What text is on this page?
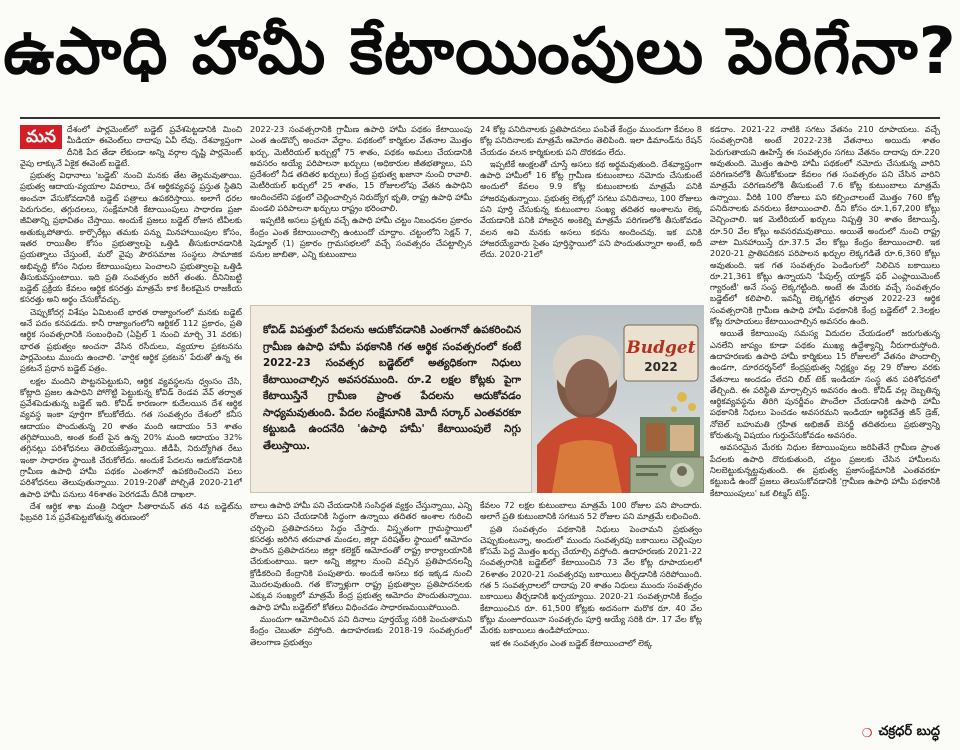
ఉపాధి హామీ కేటాయింపులు పెరిగేనా?

మన	దేశంలో పార్లమెంట్‌లో బడ్జెట్‌ ప్రవేశపెట్టడానికి మించి మీడియా ఈవెంట్‌లు దాదాపు ఏవీ లేవు. దేశవ్యాప్తంగా దీనికి పేద తేడా లేకుండా అన్ని వర్గాల దృష్టి పార్లమెంట్‌ వైపు లాక్కునే ఏకైక ఈవెంట్‌ బడ్జెటే.

ప్రభుత్వ విధానాలు 'బడ్జెట్‌' నుంచి మనకు తేట తెల్లమవుతాయి. ప్రభుత్వ ఆదాయ-వ్యయాల వివరాలు, దేశ ఆర్థికవ్యవస్థ ప్రస్తుత స్థితిని అంచనా వేసుకోవడానికి బడ్జెట్‌ పత్రాలు ఉపకరిస్తాయి. అలాగే ధరల పెరుగుదల, తగ్గుదలలు, సంక్షేమానికి కేటాయింపులు సాధారణ ప్రజా జీవితాన్ని ప్రభావితం చేస్తాయి. అందుకే ప్రజలు బడ్జెట్‌ రోజున టీవీలకు అతుక్కుపోతారు. కార్పొరేట్లు తమకు పన్ను మినహాయింపుల కోసం, ఇతర రాయితీల కోసం ప్రభుత్వాలపై ఒత్తిడి తీసుకురావడానికి ప్రయత్నాలు చేస్తుంటే, మరో వైపు పౌరసమాజ సంస్థలు సామాజిక అభివృద్ధి కోసం నిధుల కేటాయింపులు పెంచాలని ప్రభుత్వాలపై ఒత్తిడి తీసుకువస్తుంటాయి. ఇది ప్రతి సంవత్సరం జరిగే తంతు. దీనినిబట్టి బడ్జెట్‌ ప్రక్రియ కేవలం ఆర్థిక కసరత్తు మాత్రమే కాక కీలకమైన రాజకీయ కసరత్తు అని అర్థం చేసుకోవచ్చు.

చెప్పుకోదగ్గ విశేషం ఏమిటంటే భారత రాజ్యాంగంలో మనకు బడ్జెట్‌ అనే పదం కనపడదు. కానీ రాజ్యాంగంలోని ఆర్టికల్‌ 112 ప్రకారం, ప్రతి ఆర్థిక సంవత్సరానికి సంబంధించి (ఏప్రిల్‌ 1 నుంచి మార్చి 31 వరకు) భారత ప్రభుత్వం అంచనా వేసిన రసీదులు, వ్యయాల ప్రకటనను పార్లమెంటు ముందు ఉంచాలి. 'వార్షిక ఆర్థిక ప్రకటన' పేరుతో ఉన్న ఈ ప్రకటనే ప్రధాన బడ్జెట్‌ పత్రం.

లక్షల మందిని పొట్టనపెట్టుకుని, ఆర్థిక వ్యవస్థలను ధ్వంసం చేసి, కోట్లాది ప్రజల ఉపాధిని పోగొట్టి పెట్టుకున్న కోవిడ్‌ రెండవ వేవ్‌ తర్వాత ప్రవేశపెడుతున్న బడ్జెట్‌ ఇది. కోవిడ్‌ కారణంగా కుదేలయిన దేశ ఆర్థిక వ్యవస్థ ఇంకా పూర్తిగా కోలుకోలేదు. గత సంవత్సరం దేశంలో కనీస ఆదాయం పొందుతున్న 20 శాతం మంది ఆదాయం 53 శాతం తగ్గిపోయింది, అంత కంటే పైన ఉన్న 20% మంది ఆదాయం 32% తగ్గినట్లు పరిశోధనలు తెలియజేస్తున్నాయి. జీడీపీ, నిరుద్యోగిత రేటు ఇంకా సాధారణ స్థాయికి చేరుకోలేదు. అందుకే పేదలను ఆదుకోవడానికి గ్రామీణ ఉపాధి హామీ పథకం ఎంతగానో ఉపకరించిందని పలు పరిశోధనలు తెలుపుతున్నాయి. 2019-20తో పోల్చితే 2020-21లో ఉపాధి హామీ పనులు 46శాతం పెరగడమే దీనికి దాఖలా.

దేశ ఆర్థిక శాఖ మంత్రి నిర్మలా సీతారామన్‌ తన 4వ బడ్జెట్‌ను ఫిబ్రవరి 1న ప్రవేశపెట్టబోతున్న తరుణంలో

2022-23 సంవత్సరానికి గ్రామీణ ఉపాధి హామీ పథకం కేటాయింపు ఎంత ఉండొచ్చో అంచనా వేద్దాం. పథకంలో కార్మికుల వేతనాల మొత్తం ఖర్చు, మెటీరియల్‌ ఖర్చుల్లో 75 శాతం, పథకం అమలు చేయడానికి అవసరం అయ్యే పరిపాలనా ఖర్చులు (అధికారుల జీతభత్యాలు, పని ప్రదేశంలో నీడ తదితర ఖర్చులు) కేంద్ర ప్రభుత్వ ఖజానా నుంచి రావాలి. మెటీరియల్‌ ఖర్చులో 25 శాతం, 15 రోజులలోపు వేతన ఉపాధిని అందించలేని పక్షంలో చెల్లించాల్సిన నిరుద్యోగ భృతి, రాష్ట్ర ఉపాధి హామీ మండలి పరిపాలనా ఖర్చులు రాష్ట్రం భరించాలి.

ఇప్పటికి అసలు ప్రశ్నకు వచ్చే ఉపాధి హామీ చట్టం నిబంధనల ప్రకారం కేంద్రం ఎంత కేటాయించాల్సి ఉంటుందో చూద్దాం. చట్టంలోని సెక్షన్‌ 7, షెడ్యూల్‌ (1) ప్రకారం గ్రామసభలలో వచ్చే సంవత్సరం చేపట్టాల్సిన పనుల జాబితా, ఎన్ని కుటుంబాలు

బాలు ఉపాధి హామీ పని చేయడానికి సంసిద్ధత వ్యక్తం చేస్తున్నాయి, ఎన్ని రోజులు పని చేయడానికి సిద్ధంగా ఉన్నాయి తదితర అంశాల గురించి చర్చించి ప్రతిపాదనలు సిద్ధం చేస్తారు. విస్తృతంగా గ్రామస్థాయిలో కసరత్తు జరిగిన తరువాత మండల, జిల్లా పరిషత్‌ల స్థాయిలో ఆమోదం పొందిన ప్రతిపాదనలు జిల్లా కలెక్టర్‌ ఆమోదంతో రాష్ట్ర కార్యాలయానికి చేరుకుంటాయి. ఇలా అన్ని జిల్లాల నుంచి వచ్చిన ప్రతిపాదనలన్నీ క్రోడీకరించి కేంద్రానికి పంపుతారు. అందుకే అసలు కథ ఇక్కడ నుంచి మొదలవుతుంది. గత కొన్నాళ్లుగా రాష్ట్ర ప్రభుత్వాల ప్రతిపాదనలకు ఎక్కువ సంఖ్యలో మాత్రమే కేంద్ర ప్రభుత్వ ఆమోదం పొందుతున్నాయి. ఉపాధి హామీ బడ్జెట్‌లో కోతలు విధించడం సాధారణమయిపోయింది.

ముందుగా ఆమోదించిన పని దినాలు పూర్తయ్యే సరికి పెంచుతామని కేంద్రం చెబుతూ వస్తోంది. ఉదాహరణకు 2018-19 సంవత్సరంలో తెలంగాణ ప్రభుత్వం

24 కోట్ల పనిదినాలకు ప్రతిపాదనలు పంపితే కేంద్రం ముందుగా కేవలం 8 కోట్ల పనిదినాలకు మాత్రమే ఆమోదం తెలిపింది. ఇలా డిమాండ్‌ను రేషన్‌ చేయడం వలన కార్మికులకు పని దొరకడం లేదు.

ఇప్పటికే ఆంక్షలతో చూస్తే అసలు కథ అర్థమవుతుంది. దేశవ్యాప్తంగా ఉపాధి హామీలో 16 కోట్ల గ్రామీణ కుటుంబాలు నమోదు చేసుకుంటే అందులో కేవలం 9.9 కోట్ల కుటుంబాలకు మాత్రమే పనికి హాజరవుతున్నాయి. ప్రభుత్వ లెక్కల్లో సగటు పనిదినాలు, 100 రోజులు పని పూర్తి చేసుకున్న కుటుంబాల సంఖ్య తదితర అంశాలను లెక్క వేయడానికి పనికి హాజరైన అంకెల్ని మాత్రమే పరిగణలోకి తీసుకోవడం వలన అవి మనకు అసలు కథను అందించవు. ఇక పనికి హాజరయ్యేవారు సైతం పూర్తిస్థాయిలో పని పొందుతున్నారా అంటే, అదీ లేదు. 2020-21లో

కేవలం 72 లక్షల కుటుంబాలు మాత్రమే 100 రోజుల పని పొందారు. అలాగే ప్రతి కుటుంబానికి సగటున 52 రోజుల పని మాత్రమే లభించింది.

ప్రతి సంవత్సరం పథకానికి నిధులు పెంచామని ప్రభుత్వం చెప్పుకుంటున్నా, అందులో ముందు సంవత్సరపు బకాయిలు చెల్లింపుల కోసమే పెద్ద మొత్తం ఖర్చు చేయాల్సి వస్తోంది. ఉదాహరణకు 2021-22 సంవత్సరానికి బడ్జెట్‌లో కేటాయించిన 73 వేల కోట్ల రూపాయలలో 26శాతం 2020-21 సంవత్సరపు బకాయిలు తీర్చడానికి సరిపోయింది. గత 5 సంవత్సరాలలో దాదాపు 20 శాతం నిధులు ముందు సంవత్సరం బకాయిలు తీర్చడానికి ఖర్చయ్యాయి. 2020-21 సంవత్సరానికి కేంద్రం కేటాయించిన రూ. 61,500 కోట్లకు అదనంగా మరొక రూ. 40 వేల కోట్లు మంజూరయినా సంవత్సరం పూర్తి అయ్యే సరికి రూ. 17 వేల కోట్ల మేరకు బకాయిలు ఉండిపోయాయి.

ఇక ఈ సంవత్సరం ఎంత బడ్జెట్‌ కేటాయించాలో లెక్క

కడదాం. 2021-22 నాటికి సగటు వేతనం 210 రూపాయలు. వచ్చే సంవత్సరానికి అంటే 2022-23కి వేతనాలు అయిదు శాతం పెరుగుతాయని ఊహిస్తే ఈ సంవత్సరం సగటు వేతనం దాదాపు రూ.220 అవుతుంది. మొత్తం ఉపాధి హామీ పథకంలో నమోదు చేసుకున్న వారిని పరిగణనలోకి తీసుకోకుండా కేవలం గత సంవత్సరం పని చేసిన వారిని మాత్రమే పరిగణనలోకి తీసుకుంటే 7.6 కోట్ల కుటుంబాలు మాత్రమే ఉన్నాయి. వీరికి 100 రోజులు పని కల్పించాలంటే మొత్తం 760 కోట్ల పనిదినాలకు వనరులు కేటాయించాలి. దీని కోసం రూ.1,67,200 కోట్లు వెచ్చించాలి. ఇక మెటీరియల్‌ ఖర్చులు నిష్పత్తి 30 శాతం కేటాయిస్తే, రూ.50 వేల కోట్లు అవసరమవుతాయి. అయితే అందులో నుంచి రాష్ట్ర వాటా మినహాయిస్తే రూ.37.5 వేల కోట్లు కేంద్రం కేటాయించాలి. ఇక 2020-21 ప్రాతిపదికన పరిపాలన ఖర్చుల లెక్కగడితే రూ.6,360 కోట్లు అవుతుంది. ఇక గత సంవత్సరం పెండింగులో నిలిచిన బకాయిలు రూ.21,361 కోట్లు ఉన్నాయని 'పీపుల్స్‌ యాక్షన్‌ ఫర్‌ ఎంప్లాయిమెంట్‌ గ్యారంటీ' అనే సంస్థ లెక్కగట్టింది. అంటే ఈ మేరకు వచ్చే సంవత్సరం బడ్జెట్‌లో కలిపాలి. ఇవన్నీ లెక్కగట్టిన తర్వాత 2022-23 ఆర్థిక సంవత్సరానికి గ్రామీణ ఉపాధి హామీ పథకానికి కేంద్ర బడ్జెట్‌లో 2.3లక్షల కోట్ల రూపాయలు కేటాయించాల్సిన అవసరం ఉంది.

అయితే కేటాయింపు సమస్య విదుదల చేయడంలో జరుగుతున్న ఎనలేని జాప్యం కూడా పథకం ముఖ్య ఉద్దేశ్యాన్ని నీరుగారుస్తోంది. ఉదాహరణకు ఉపాధి హామీ కార్మికులు 15 రోజులలో వేతనం పొందాల్సి ఉండగా, దూరదర్శన్‌లో కేంద్రప్రభుత్వ నిర్లక్ష్యం వల్ల 29 రోజుల వరకు వేతనాలు అందడం లేదని లిబ్‌ టెక్‌ ఇండియా సంస్థ తన పరిశోధనలో తేల్చింది. ఈ పరిస్థితి మార్చాల్సిన అవసరం ఉంది. కోవిడ్‌ వల్ల దెబ్బతిన్న ఆర్థికవ్యవస్థను తిరిగి పునర్జీవం పొందేలా చేయడానికి ఉపాధి హామీ పథకానికి నిధులు పెంచడం అవసరమని ఇండియా ఆర్థికవేత్త జీన్‌ డ్రెజ్‌, నోబెల్‌ బహుమతి గ్రహీత అభిజిత్‌ బెనర్జీ తదితరులు ప్రభుత్వాన్ని కోరుతున్న విషయం గుర్తుచేసుకోవడం అవసరం.

అవసరమైన మేరకు నిధుల కేటాయింపులు జరిపితేనే గ్రామీణ ప్రాంత పేదలకు ఉపాధి దొరుకుతుంది, చట్టం ప్రజలకు చేసిన హామీలను నిలబెట్టుకున్నట్టవుతుంది. ఈ ప్రభుత్వ ప్రజాసంక్షేమానికి ఎంతవరకూ కట్టుబడి ఉందో ప్రజలు తెలుసుకోవడానికి 'గ్రామీణ ఉపాధి హామీ పథకానికి కేటాయింపులు' ఒక లిట్మస్‌ టెస్ట్‌.

కోవిడ్‌ విపత్తులో పేదలను ఆదుకోవడానికి ఎంతగానో ఉపకరించిన గ్రామీణ ఉపాధి హామీ పథకానికి గత ఆర్థిక సంవత్సరంలో కంటే 2022-23 సంవత్సర బడ్జెట్‌లో అత్యధికంగా నిధులు కేటాయించాల్సిన అవసరముంది. రూ.2 లక్షల కోట్లకు పైగా కేటాయిస్తేనే గ్రామీణ ప్రాంత పేదలను ఆదుకోవడం సాధ్యమవుతుంది. పేదల సంక్షేమానికి మోదీ సర్కార్‌ ఎంతవరకూ కట్టుబడి ఉందనేది 'ఉపాధి హామీ' కేటాయింపులే నిగ్గు తేలుస్తాయి.
Budget
2022
❍ చక్రధర్‌ బుద్ధ
